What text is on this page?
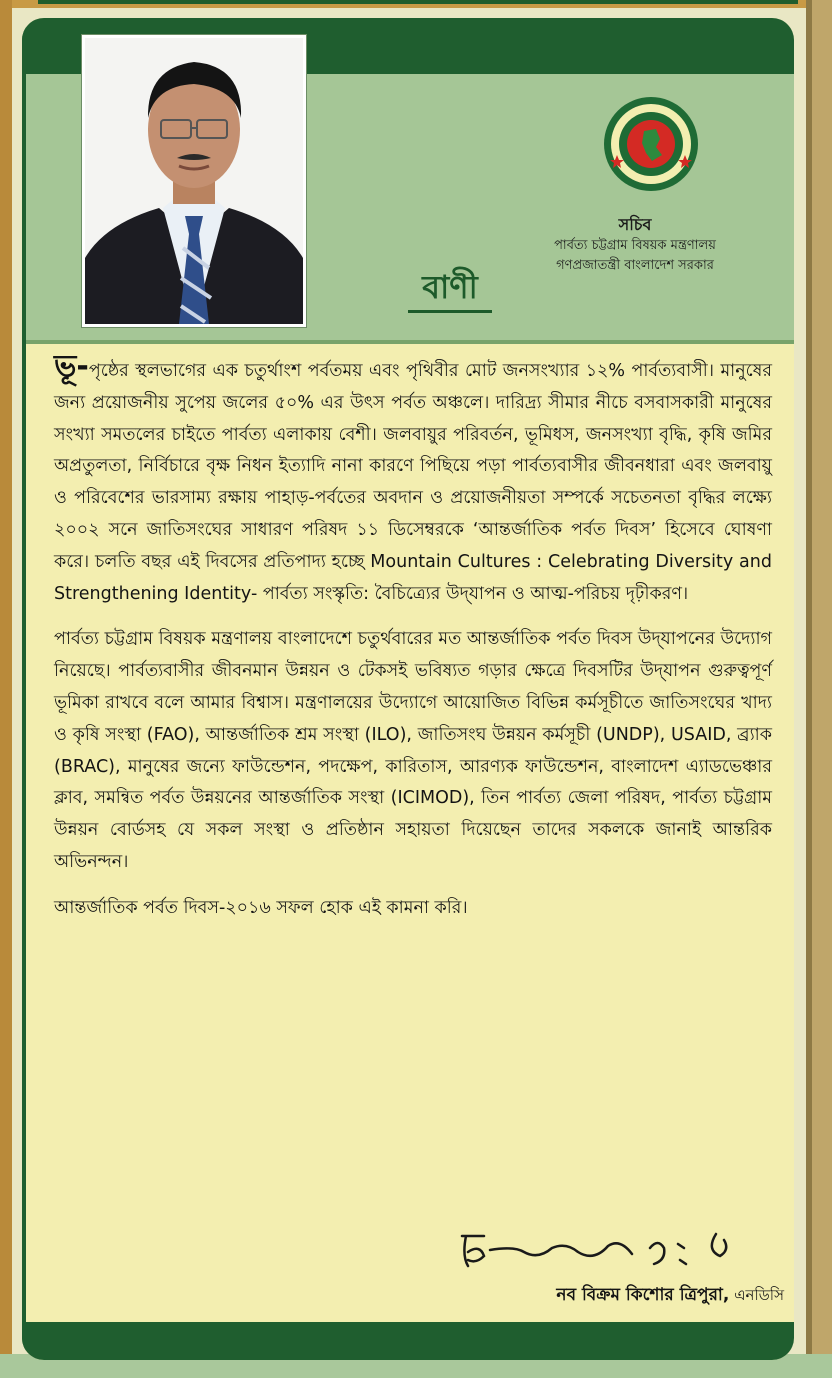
সচিব
পার্বত্য চট্টগ্রাম বিষয়ক মন্ত্রণালয়
গণপ্রজাতন্ত্রী বাংলাদেশ সরকার
বাণী

ভূ-পৃষ্ঠের স্থলভাগের এক চতুর্থাংশ পর্বতময় এবং পৃথিবীর মোট জনসংখ্যার ১২% পার্বত্যবাসী। মানুষের জন্য প্রয়োজনীয় সুপেয় জলের ৫০% এর উৎস পর্বত অঞ্চলে। দারিদ্র্য সীমার নীচে বসবাসকারী মানুষের সংখ্যা সমতলের চাইতে পার্বত্য এলাকায় বেশী। জলবায়ুর পরিবর্তন, ভূমিধস, জনসংখ্যা বৃদ্ধি, কৃষি জমির অপ্রতুলতা, নির্বিচারে বৃক্ষ নিধন ইত্যাদি নানা কারণে পিছিয়ে পড়া পার্বত্যবাসীর জীবনধারা এবং জলবায়ু ও পরিবেশের ভারসাম্য রক্ষায় পাহাড়-পর্বতের অবদান ও প্রয়োজনীয়তা সম্পর্কে সচেতনতা বৃদ্ধির লক্ষ্যে ২০০২ সনে জাতিসংঘের সাধারণ পরিষদ ১১ ডিসেম্বরকে ‘আন্তর্জাতিক পর্বত দিবস’ হিসেবে ঘোষণা করে। চলতি বছর এই দিবসের প্রতিপাদ্য হচ্ছে Mountain Cultures : Celebrating Diversity and Strengthening Identity- পার্বত্য সংস্কৃতি: বৈচিত্র্যের উদ্‌যাপন ও আত্ম-পরিচয় দৃঢ়ীকরণ।

পার্বত্য চট্টগ্রাম বিষয়ক মন্ত্রণালয় বাংলাদেশে চতুর্থবারের মত আন্তর্জাতিক পর্বত দিবস উদ্‌যাপনের উদ্যোগ নিয়েছে। পার্বত্যবাসীর জীবনমান উন্নয়ন ও টেকসই ভবিষ্যত গড়ার ক্ষেত্রে দিবসটির উদ্‌যাপন গুরুত্বপূর্ণ ভূমিকা রাখবে বলে আমার বিশ্বাস। মন্ত্রণালয়ের উদ্যোগে আয়োজিত বিভিন্ন কর্মসূচীতে জাতিসংঘের খাদ্য ও কৃষি সংস্থা (FAO), আন্তর্জাতিক শ্রম সংস্থা (ILO), জাতিসংঘ উন্নয়ন কর্মসূচী (UNDP), USAID, ব্র্যাক (BRAC), মানুষের জন্যে ফাউন্ডেশন, পদক্ষেপ, কারিতাস, আরণ্যক ফাউন্ডেশন, বাংলাদেশ এ্যাডভেঞ্চার ক্লাব, সমন্বিত পর্বত উন্নয়নের আন্তর্জাতিক সংস্থা (ICIMOD), তিন পার্বত্য জেলা পরিষদ, পার্বত্য চট্টগ্রাম উন্নয়ন বোর্ডসহ যে সকল সংস্থা ও প্রতিষ্ঠান সহায়তা দিয়েছেন তাদের সকলকে জানাই আন্তরিক অভিনন্দন।

আন্তর্জাতিক পর্বত দিবস-২০১৬ সফল হোক এই কামনা করি।

নব বিক্রম কিশোর ত্রিপুরা, এনডিসি
